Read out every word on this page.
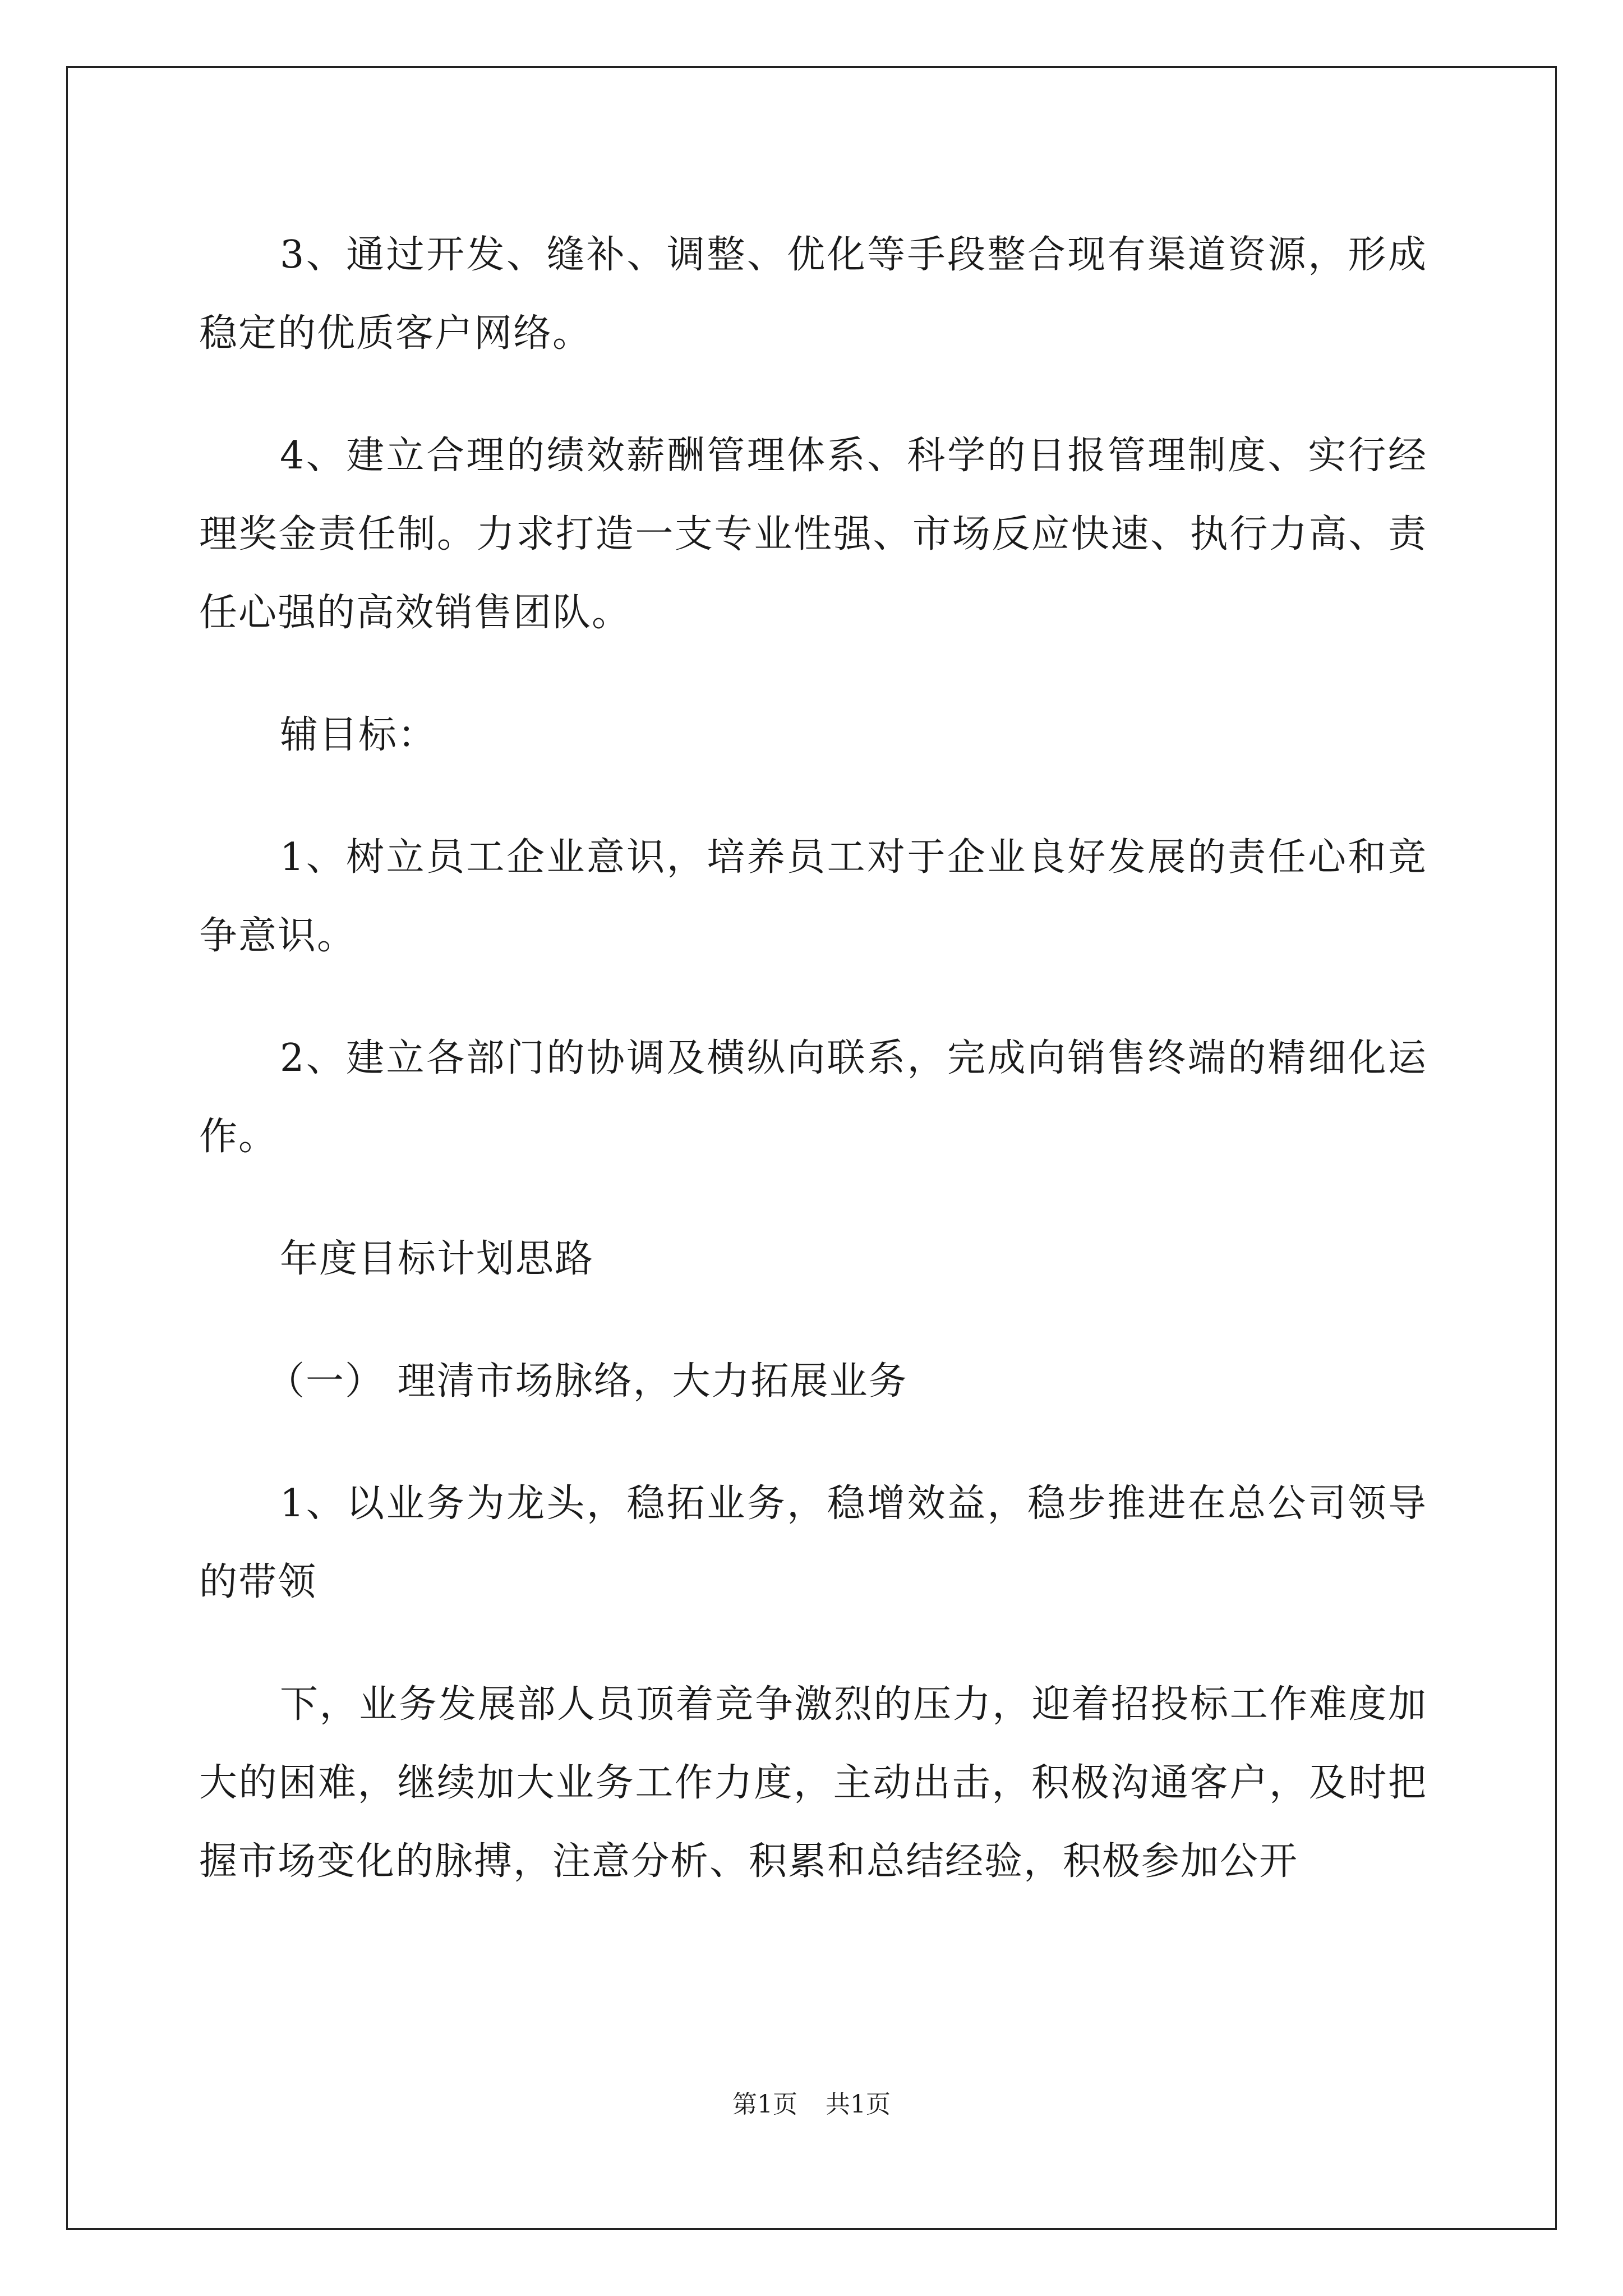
3、通过开发、缝补、调整、优化等手段整合现有渠道资源，形成稳定的优质客户网络。

4、建立合理的绩效薪酬管理体系、科学的日报管理制度、实行经理奖金责任制。力求打造一支专业性强、市场反应快速、执行力高、责任心强的高效销售团队。

辅目标：

1、树立员工企业意识，培养员工对于企业良好发展的责任心和竞争意识。

2、建立各部门的协调及横纵向联系，完成向销售终端的精细化运作。

年度目标计划思路

（一） 理清市场脉络，大力拓展业务

1、以业务为龙头，稳拓业务，稳增效益，稳步推进在总公司领导的带领

下，业务发展部人员顶着竞争激烈的压力，迎着招投标工作难度加大的困难，继续加大业务工作力度，主动出击，积极沟通客户，及时把握市场变化的脉搏，注意分析、积累和总结经验，积极参加公开

第1页 共1页
